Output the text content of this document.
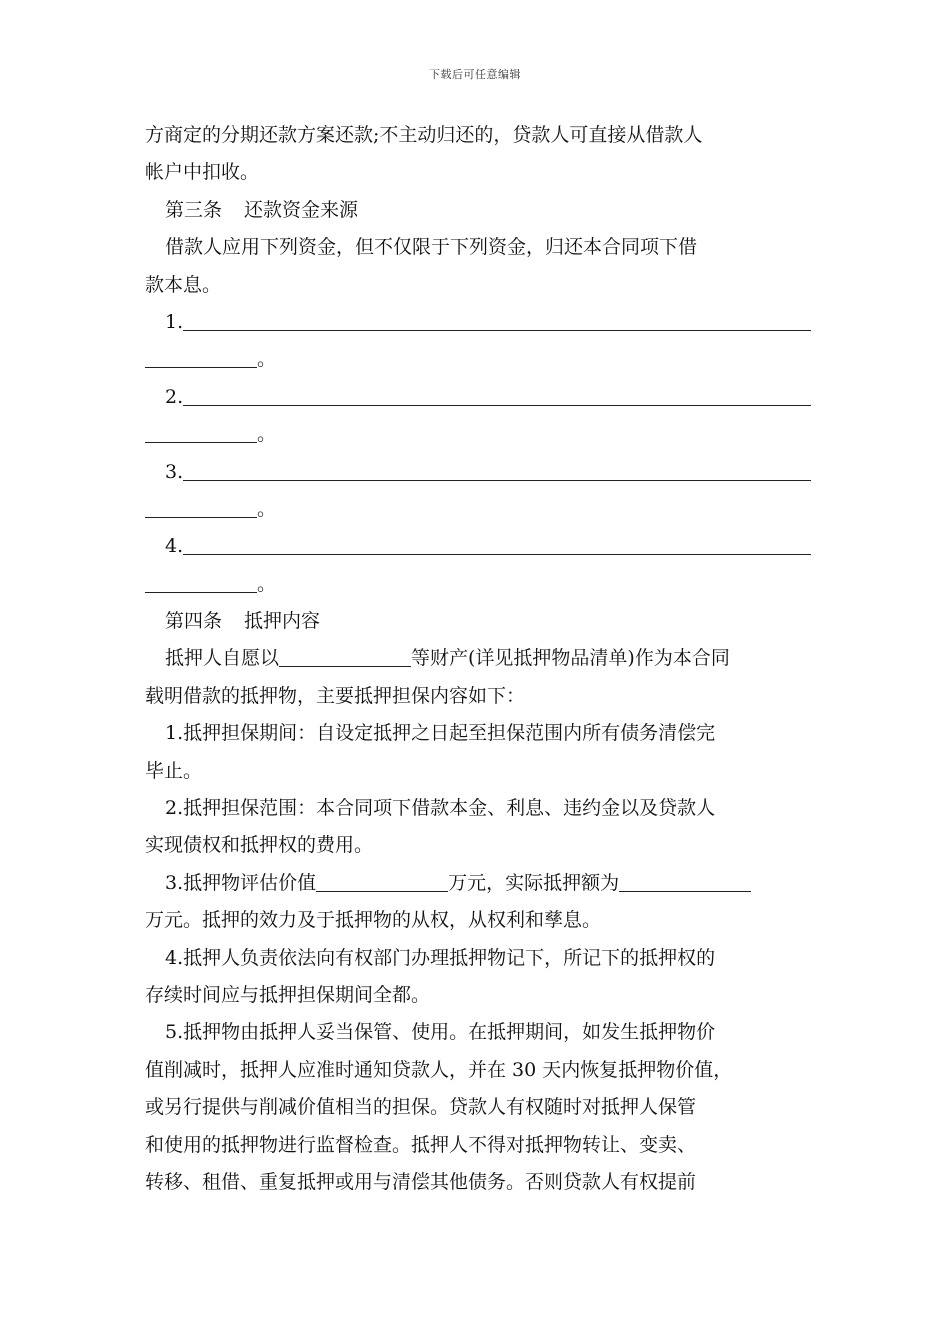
下载后可任意编辑
方商定的分期还款方案还款;不主动归还的，贷款人可直接从借款人
帐户中扣收。
第三条 还款资金来源
借款人应用下列资金，但不仅限于下列资金，归还本合同项下借
款本息。
1.
。
2.
。
3.
。
4.
。
第四条 抵押内容
抵押人自愿以	等财产(详见抵押物品清单)作为本合同
载明借款的抵押物，主要抵押担保内容如下：
1.抵押担保期间：自设定抵押之日起至担保范围内所有债务清偿完
毕止。
2.抵押担保范围：本合同项下借款本金、利息、违约金以及贷款人
实现债权和抵押权的费用。
3.抵押物评估价值	万元，实际抵押额为
万元。抵押的效力及于抵押物的从权，从权利和孳息。
4.抵押人负责依法向有权部门办理抵押物记下，所记下的抵押权的
存续时间应与抵押担保期间全都。
5.抵押物由抵押人妥当保管、使用。在抵押期间，如发生抵押物价
值削减时，抵押人应准时通知贷款人，并在 30 天内恢复抵押物价值，
或另行提供与削减价值相当的担保。贷款人有权随时对抵押人保管
和使用的抵押物进行监督检查。抵押人不得对抵押物转让、变卖、
转移、租借、重复抵押或用与清偿其他债务。否则贷款人有权提前
